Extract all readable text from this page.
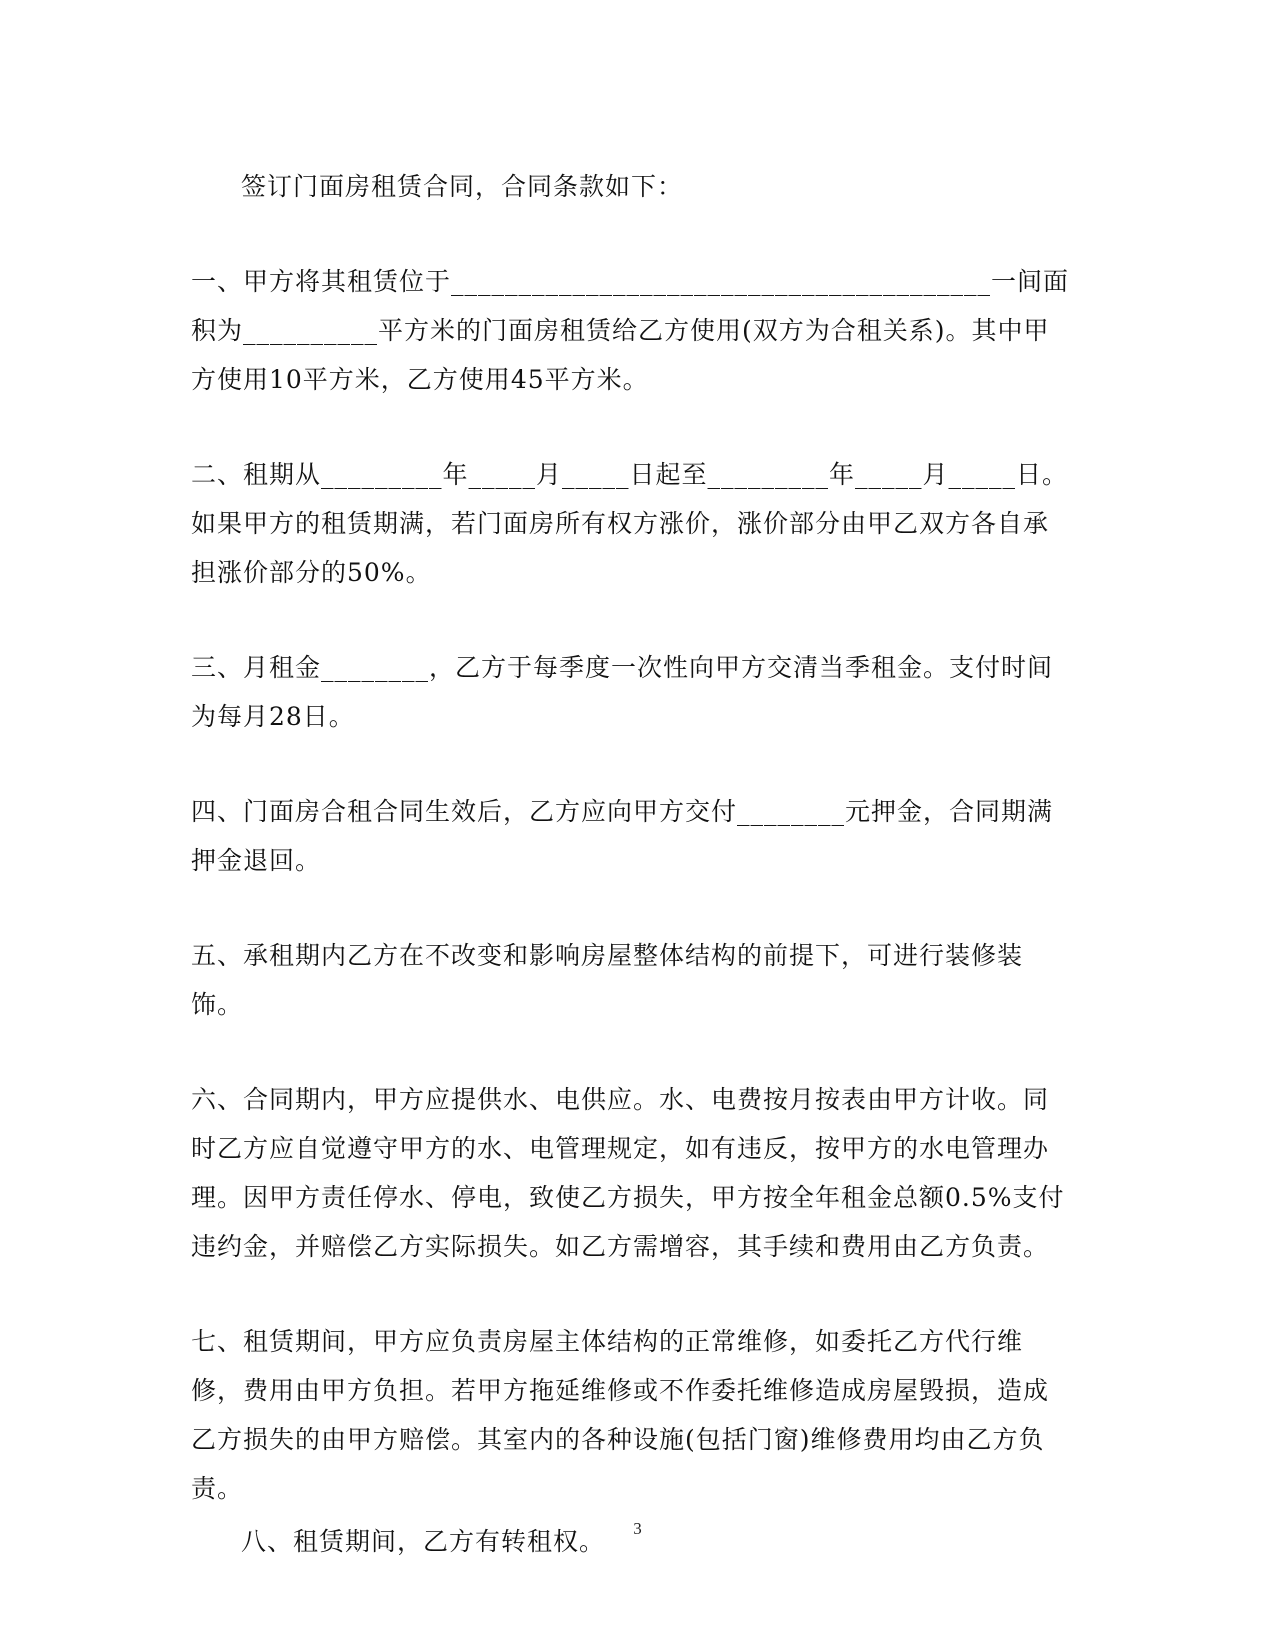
签订门面房租赁合同，合同条款如下：

一、甲方将其租赁位于________________________________________一间面积为__________平方米的门面房租赁给乙方使用(双方为合租关系)。其中甲方使用10平方米，乙方使用45平方米。

二、租期从_________年_____月_____日起至_________年_____月_____日。如果甲方的租赁期满，若门面房所有权方涨价，涨价部分由甲乙双方各自承担涨价部分的50%。

三、月租金________，乙方于每季度一次性向甲方交清当季租金。支付时间为每月28日。

四、门面房合租合同生效后，乙方应向甲方交付________元押金，合同期满押金退回。

五、承租期内乙方在不改变和影响房屋整体结构的前提下，可进行装修装饰。

六、合同期内，甲方应提供水、电供应。水、电费按月按表由甲方计收。同时乙方应自觉遵守甲方的水、电管理规定，如有违反，按甲方的水电管理办理。因甲方责任停水、停电，致使乙方损失，甲方按全年租金总额0.5%支付违约金，并赔偿乙方实际损失。如乙方需增容，其手续和费用由乙方负责。

七、租赁期间，甲方应负责房屋主体结构的正常维修，如委托乙方代行维修，费用由甲方负担。若甲方拖延维修或不作委托维修造成房屋毁损，造成乙方损失的由甲方赔偿。其室内的各种设施(包括门窗)维修费用均由乙方负责。

八、租赁期间，乙方有转租权。	3
